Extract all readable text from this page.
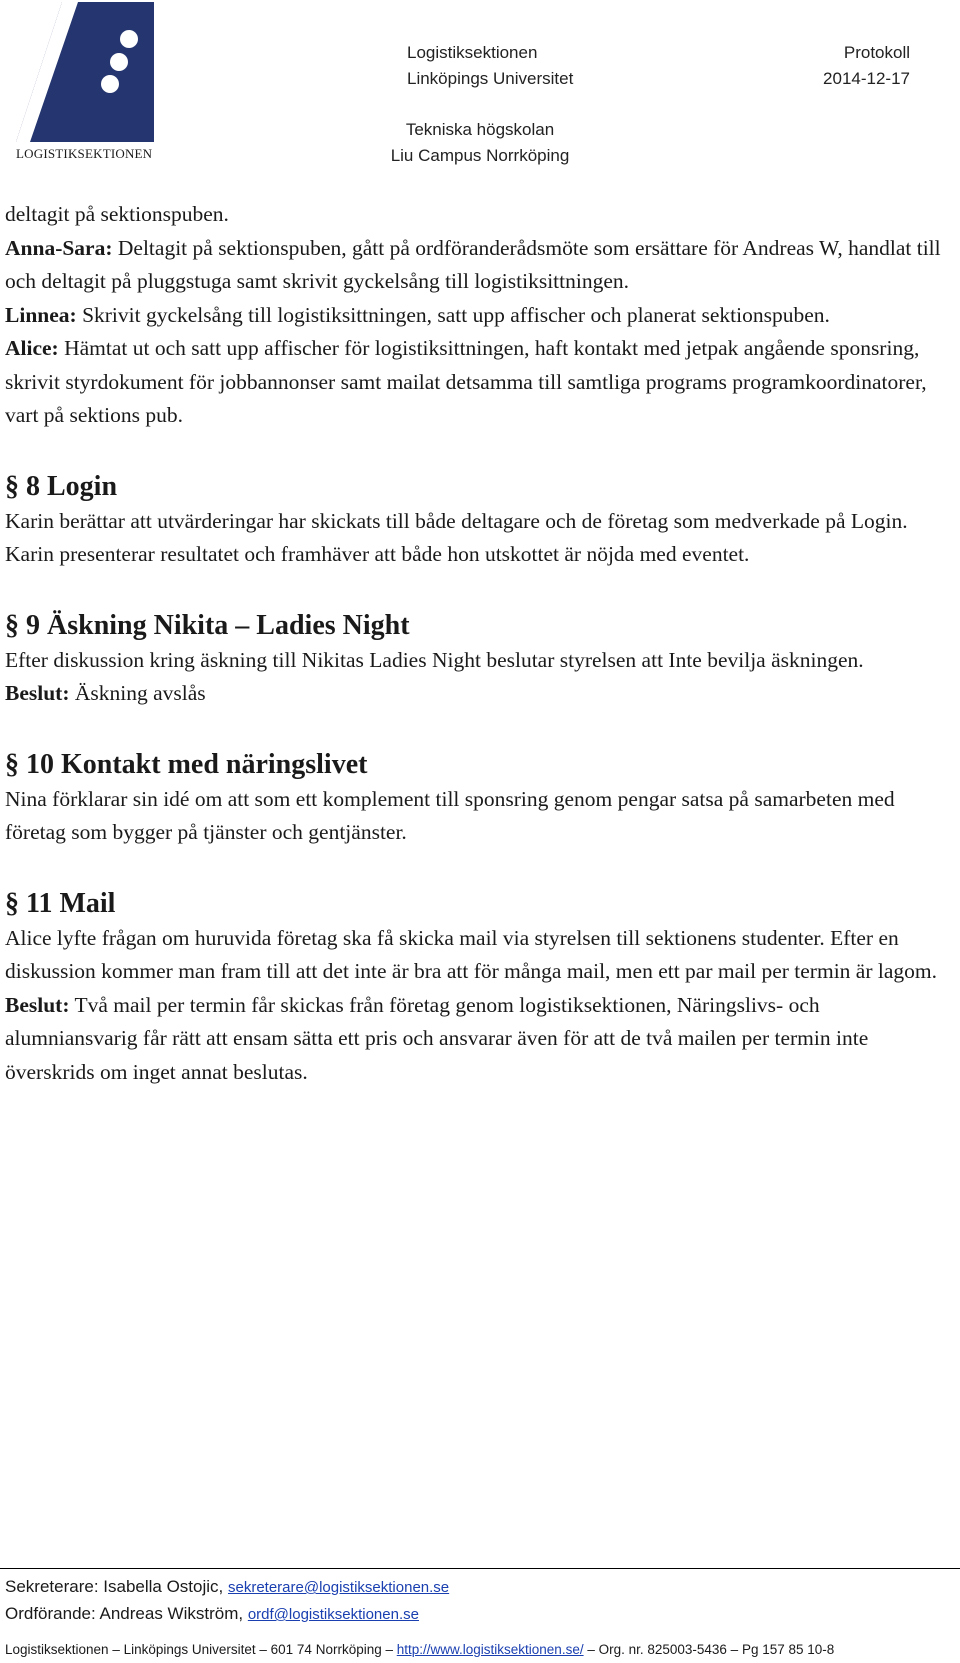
LOGISTIKSEKTIONEN
Logistiksektionen
Linköpings Universitet
Protokoll
2014-12-17
Tekniska högskolan
Liu Campus Norrköping

deltagit på sektionspuben.

Anna-Sara: Deltagit på sektionspuben, gått på ordföranderådsmöte som ersättare för Andreas W, handlat till och deltagit på pluggstuga samt skrivit gyckelsång till logistiksittningen.

Linnea: Skrivit gyckelsång till logistiksittningen, satt upp affischer och planerat sektionspuben.

Alice: Hämtat ut och satt upp affischer för logistiksittningen, haft kontakt med jetpak angående sponsring, skrivit styrdokument för jobbannonser samt mailat detsamma till samtliga programs programkoordinatorer, vart på sektions pub.

§ 8 Login

Karin berättar att utvärderingar har skickats till både deltagare och de företag som medverkade på Login. Karin presenterar resultatet och framhäver att både hon utskottet är nöjda med eventet.

§ 9 Äskning Nikita – Ladies Night

Efter diskussion kring äskning till Nikitas Ladies Night beslutar styrelsen att Inte bevilja äskningen.

Beslut: Äskning avslås

§ 10 Kontakt med näringslivet

Nina förklarar sin idé om att som ett komplement till sponsring genom pengar satsa på samarbeten med företag som bygger på tjänster och gentjänster.

§ 11 Mail

Alice lyfte frågan om huruvida företag ska få skicka mail via styrelsen till sektionens studenter. Efter en diskussion kommer man fram till att det inte är bra att för många mail, men ett par mail per termin är lagom.

Beslut: Två mail per termin får skickas från företag genom logistiksektionen, Näringslivs- och alumniansvarig får rätt att ensam sätta ett pris och ansvarar även för att de två mailen per termin inte överskrids om inget annat beslutas.

Sekreterare: Isabella Ostojic, sekreterare@logistiksektionen.se
Ordförande: Andreas Wikström, ordf@logistiksektionen.se
Logistiksektionen – Linköpings Universitet – 601 74 Norrköping – http://www.logistiksektionen.se/ – Org. nr. 825003-5436 – Pg 157 85 10-8
